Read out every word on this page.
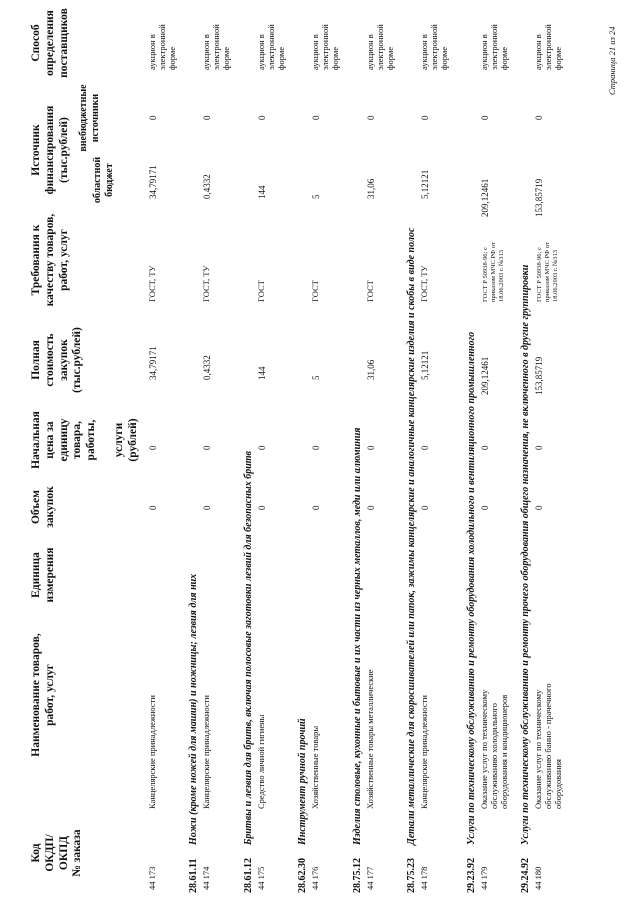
Код
ОКДП/
ОКПД
№ заказа
Наименование товаров,
работ, услуг
Единица
измерения
Объем
закупок
Начальная
цена за
единицу
товара,
работы,

услуги
(рублей)
Полная
стоимость
закупок
(тыс.рублей)
Требования к
качеству товаров,
работ, услуг
Источник
финансирования
(тыс.рублей) областной
бюджет
внебюджетные
источники
Способ
определения
поставщиков
44 173
Канцелярские принадлежности
0
0
34,79171
ГОСТ, ТУ
34,79171
0
аукцион в
электронной
форме
28.61.11
Ножи (кроме ножей для машин) и ножницы; лезвия для них
44 174
Канцелярские принадлежности
0
0
0,4332
ГОСТ, ТУ
0,4332
0
аукцион в
электронной
форме
28.61.12
Бритвы и лезвия для бритв, включая полосовые заготовки лезвий для безопасных бритв
44 175
Средство личной гигиены
0
0
144
ГОСТ
144
0
аукцион в
электронной
форме
28.62.30
Инструмент ручной прочий
44 176
Хозяйственные товары
0
0
5
ГОСТ
5
0
аукцион в
электронной
форме
28.75.12
Изделия столовые, кухонные и бытовые и их части из черных металлов, меди или алюминия
44 177
Хозяйственные товары металлические
0
0
31,06
ГОСТ
31,06
0
аукцион в
электронной
форме
28.75.23
Детали металлические для скоросшивателей или папок, зажимы канцелярские и аналогичные канцелярские изделия и скобы в виде полос
44 178
Канцелярские принадлежности
0
0
5,12121
ГОСТ, ТУ
5,12121
0
аукцион в
электронной
форме
29.23.92
Услуги по техническому обслуживанию и ремонту оборудования холодильного и вентиляционного промышленного
44 179
Оказание услуг по техническому
обслуживанию холодильного
оборудования и кондиционеров
0
0
209,12461
ГОСТ Р 50938-96; с
приказом МЧС РФ от
18.06.2003 г. №313
209,12461
0
аукцион в
электронной
форме
29.24.92
Услуги по техническому обслуживанию и ремонту прочего оборудования общего назначения, не включенного в другие группировки
44 180
Оказание услуг по техническому
обслуживанию банно - прачечного
оборудования
0
0
153,85719
ГОСТ Р 50938-96; с
приказом МЧС РФ от
18.06.2003 г. №313
153,85719
0
аукцион в
электронной
форме	Страница 21 из 24
